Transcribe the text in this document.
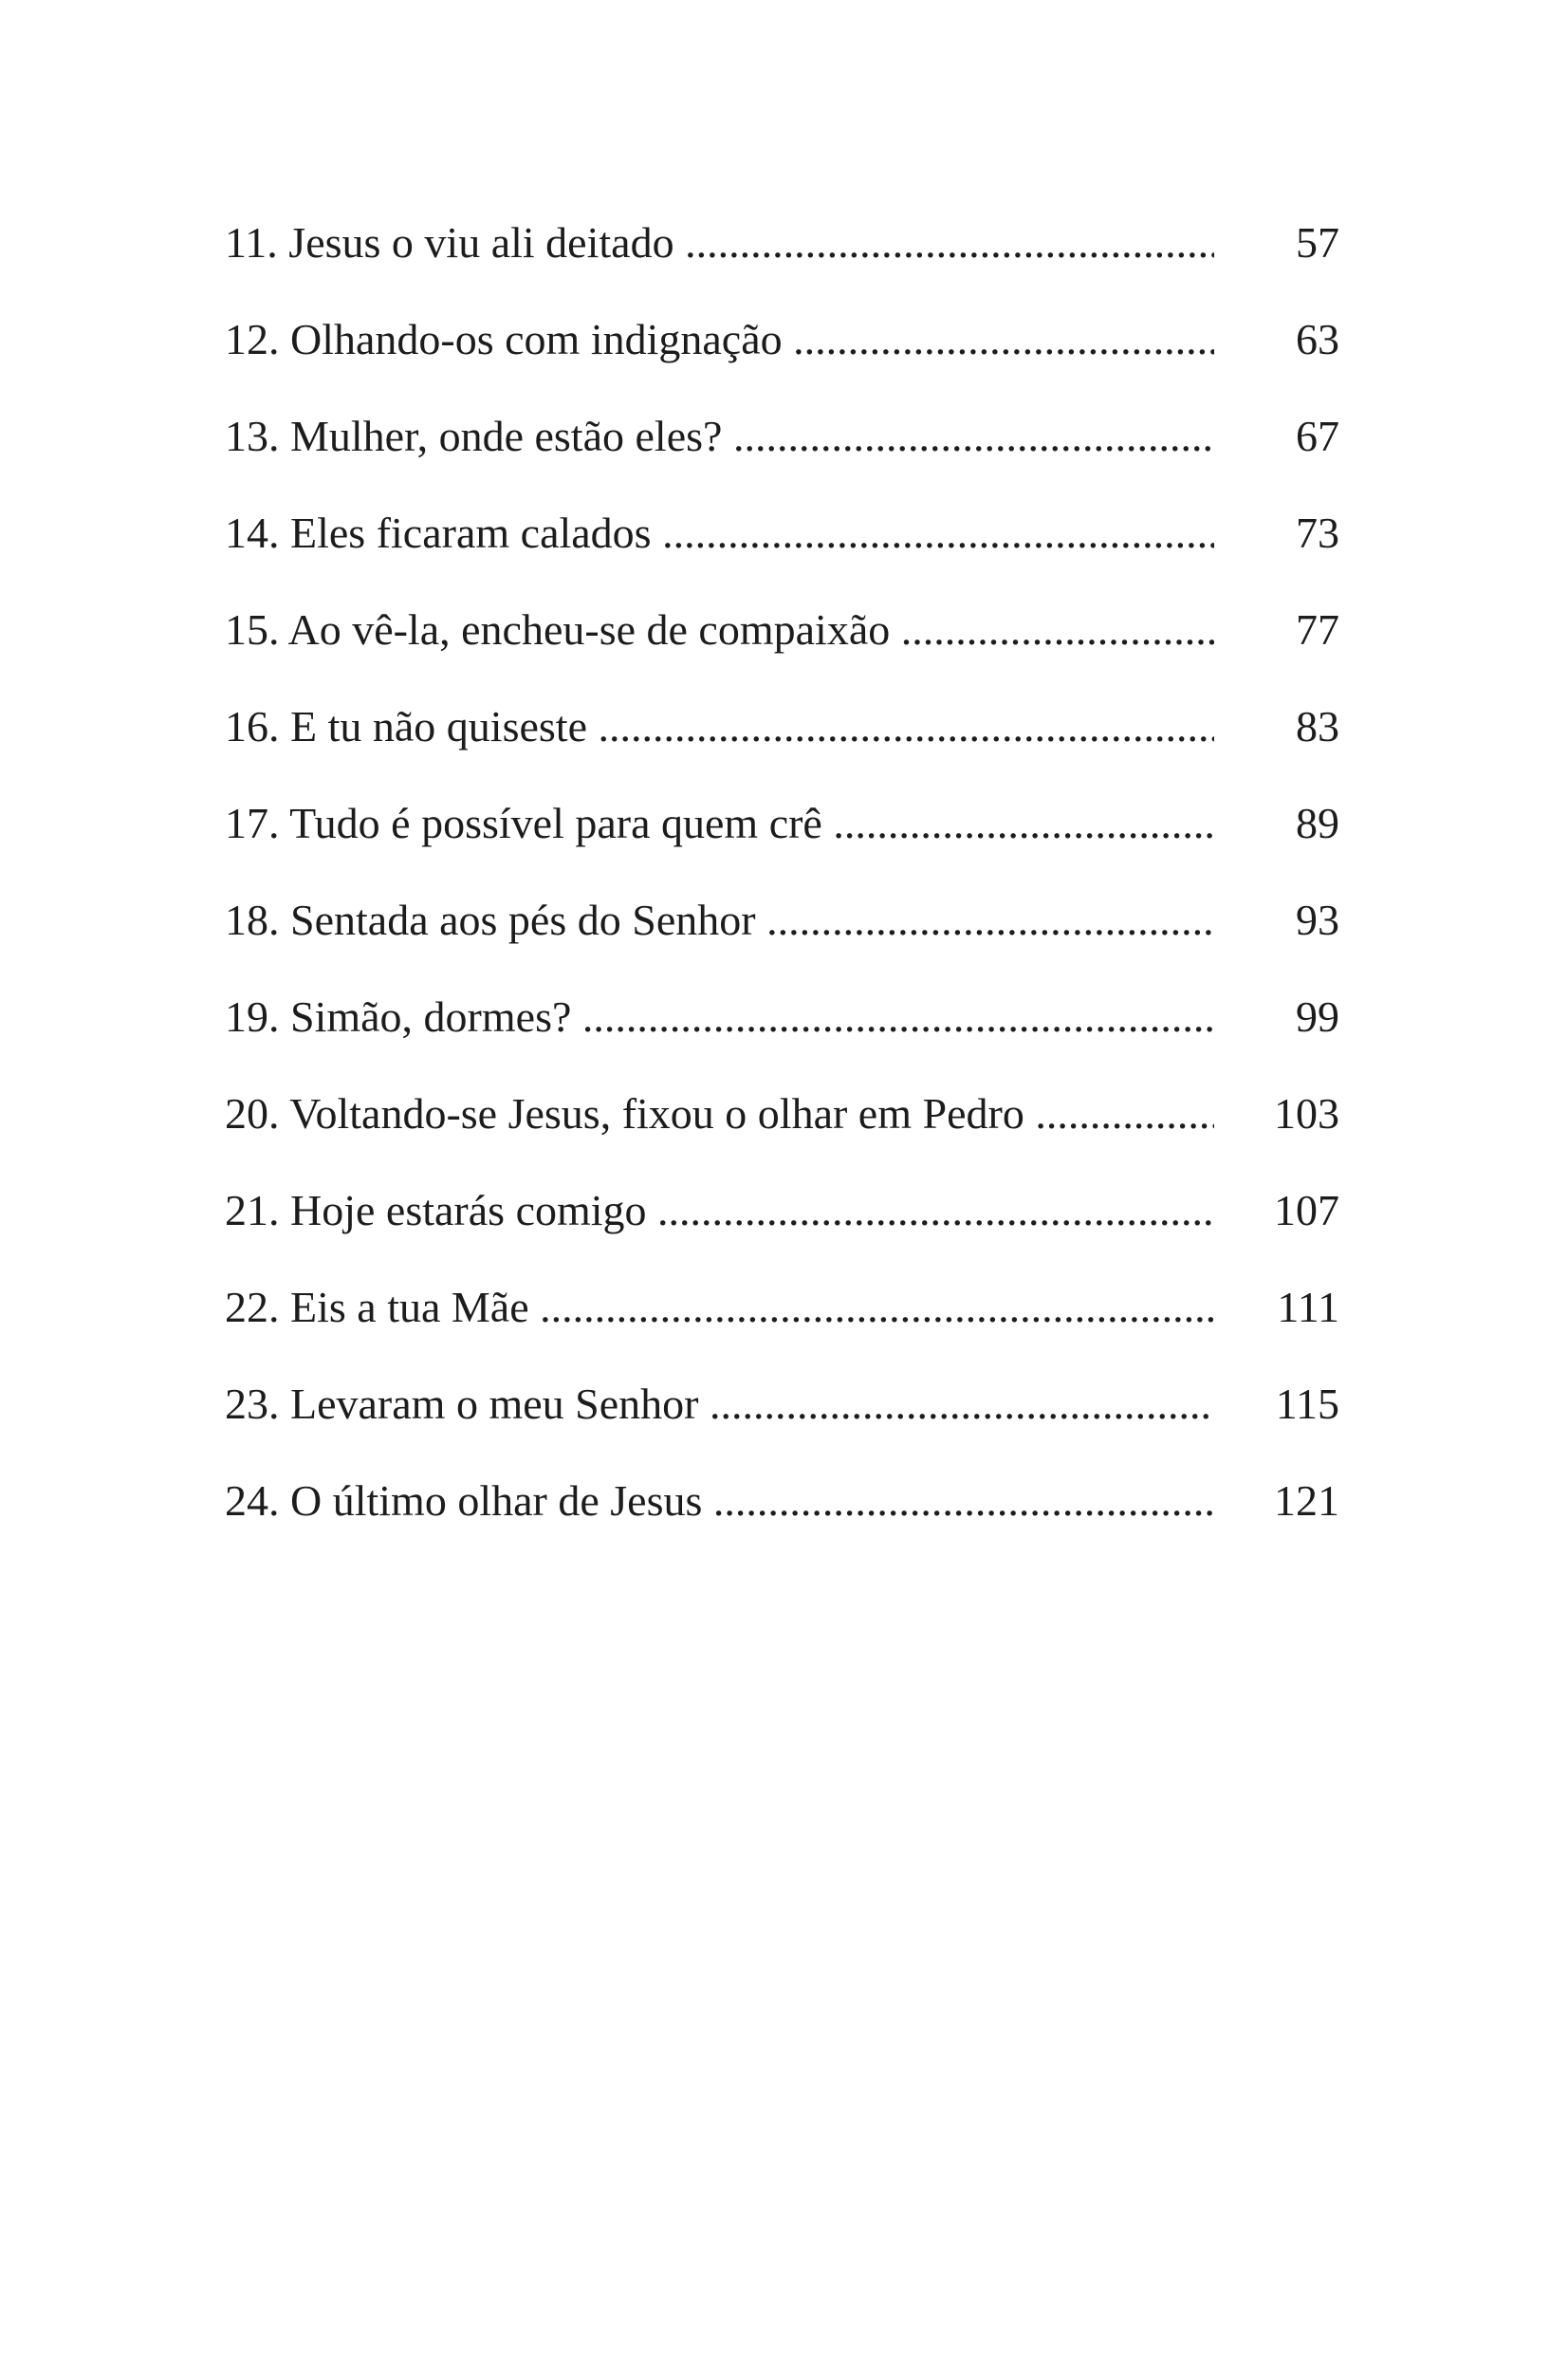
11. Jesus o viu ali deitado .....	57
12. Olhando-os com indignação .....	63
13. Mulher, onde estão eles? .....	67
14. Eles ficaram calados .....	73
15. Ao vê-la, encheu-se de compaixão .....	77
16. E tu não quiseste .....	83
17. Tudo é possível para quem crê .....	89
18. Sentada aos pés do Senhor .....	93
19. Simão, dormes? .....	99
20. Voltando-se Jesus, fixou o olhar em Pedro .....	103
21. Hoje estarás comigo .....	107
22. Eis a tua Mãe .....	111
23. Levaram o meu Senhor .....	115
24. O último olhar de Jesus .....	121
